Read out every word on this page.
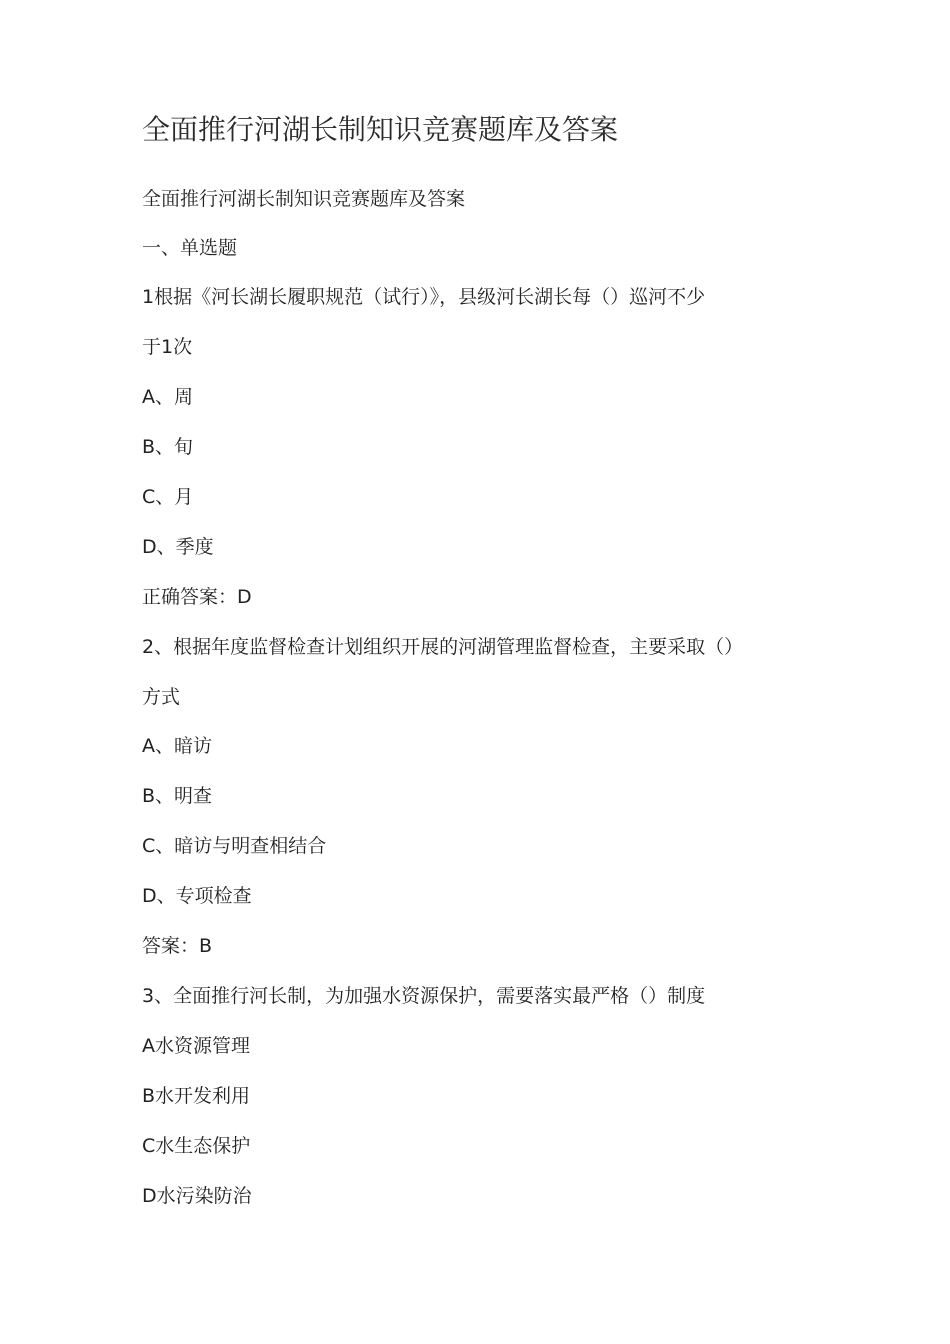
全面推行河湖长制知识竞赛题库及答案

全面推行河湖长制知识竞赛题库及答案

一、单选题

1根据《河长湖长履职规范（试行）》，县级河长湖长每（）巡河不少

于1次

A、周

B、旬

C、月

D、季度

正确答案：D

2、根据年度监督检查计划组织开展的河湖管理监督检查，主要采取（）

方式

A、暗访

B、明查

C、暗访与明查相结合

D、专项检查

答案：B

3、全面推行河长制，为加强水资源保护，需要落实最严格（）制度

A水资源管理

B水开发利用

C水生态保护

D水污染防治
